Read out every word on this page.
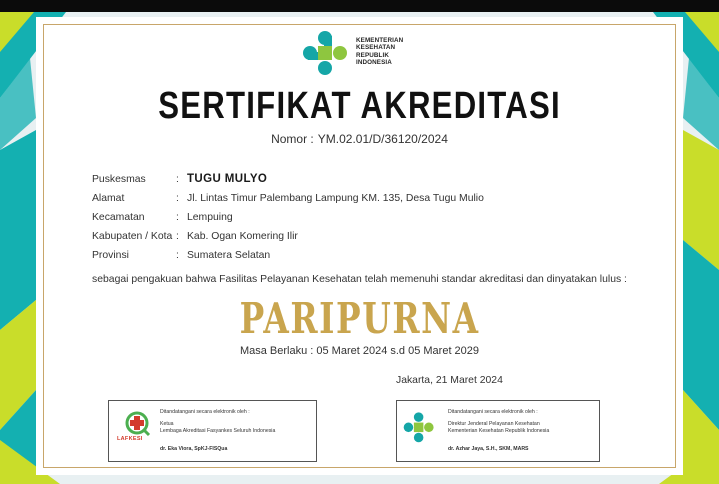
KEMENTERIAN
KESEHATAN
REPUBLIK
INDONESIA
SERTIFIKAT AKREDITASI
Nomor : YM.02.01/D/36120/2024
Puskesmas	: TUGU MULYO
Alamat	: Jl. Lintas Timur Palembang Lampung KM. 135, Desa Tugu Mulio
Kecamatan	: Lempuing
Kabupaten / Kota : Kab. Ogan Komering Ilir
Provinsi	: Sumatera Selatan
sebagai pengakuan bahwa Fasilitas Pelayanan Kesehatan telah memenuhi standar akreditasi dan dinyatakan lulus :
PARIPURNA
Masa Berlaku : 05 Maret 2024 s.d 05 Maret 2029
Jakarta, 21 Maret 2024
LAFKESI
Ditandatangani secara elektronik oleh :
Ketua
Lembaga Akreditasi Fasyankes Seluruh Indonesia
dr. Eka Viora, SpKJ-FISQua
Ditandatangani secara elektronik oleh :
Direktur Jenderal Pelayanan Kesehatan
Kementerian Kesehatan Republik Indonesia
dr. Azhar Jaya, S.H., SKM, MARS
